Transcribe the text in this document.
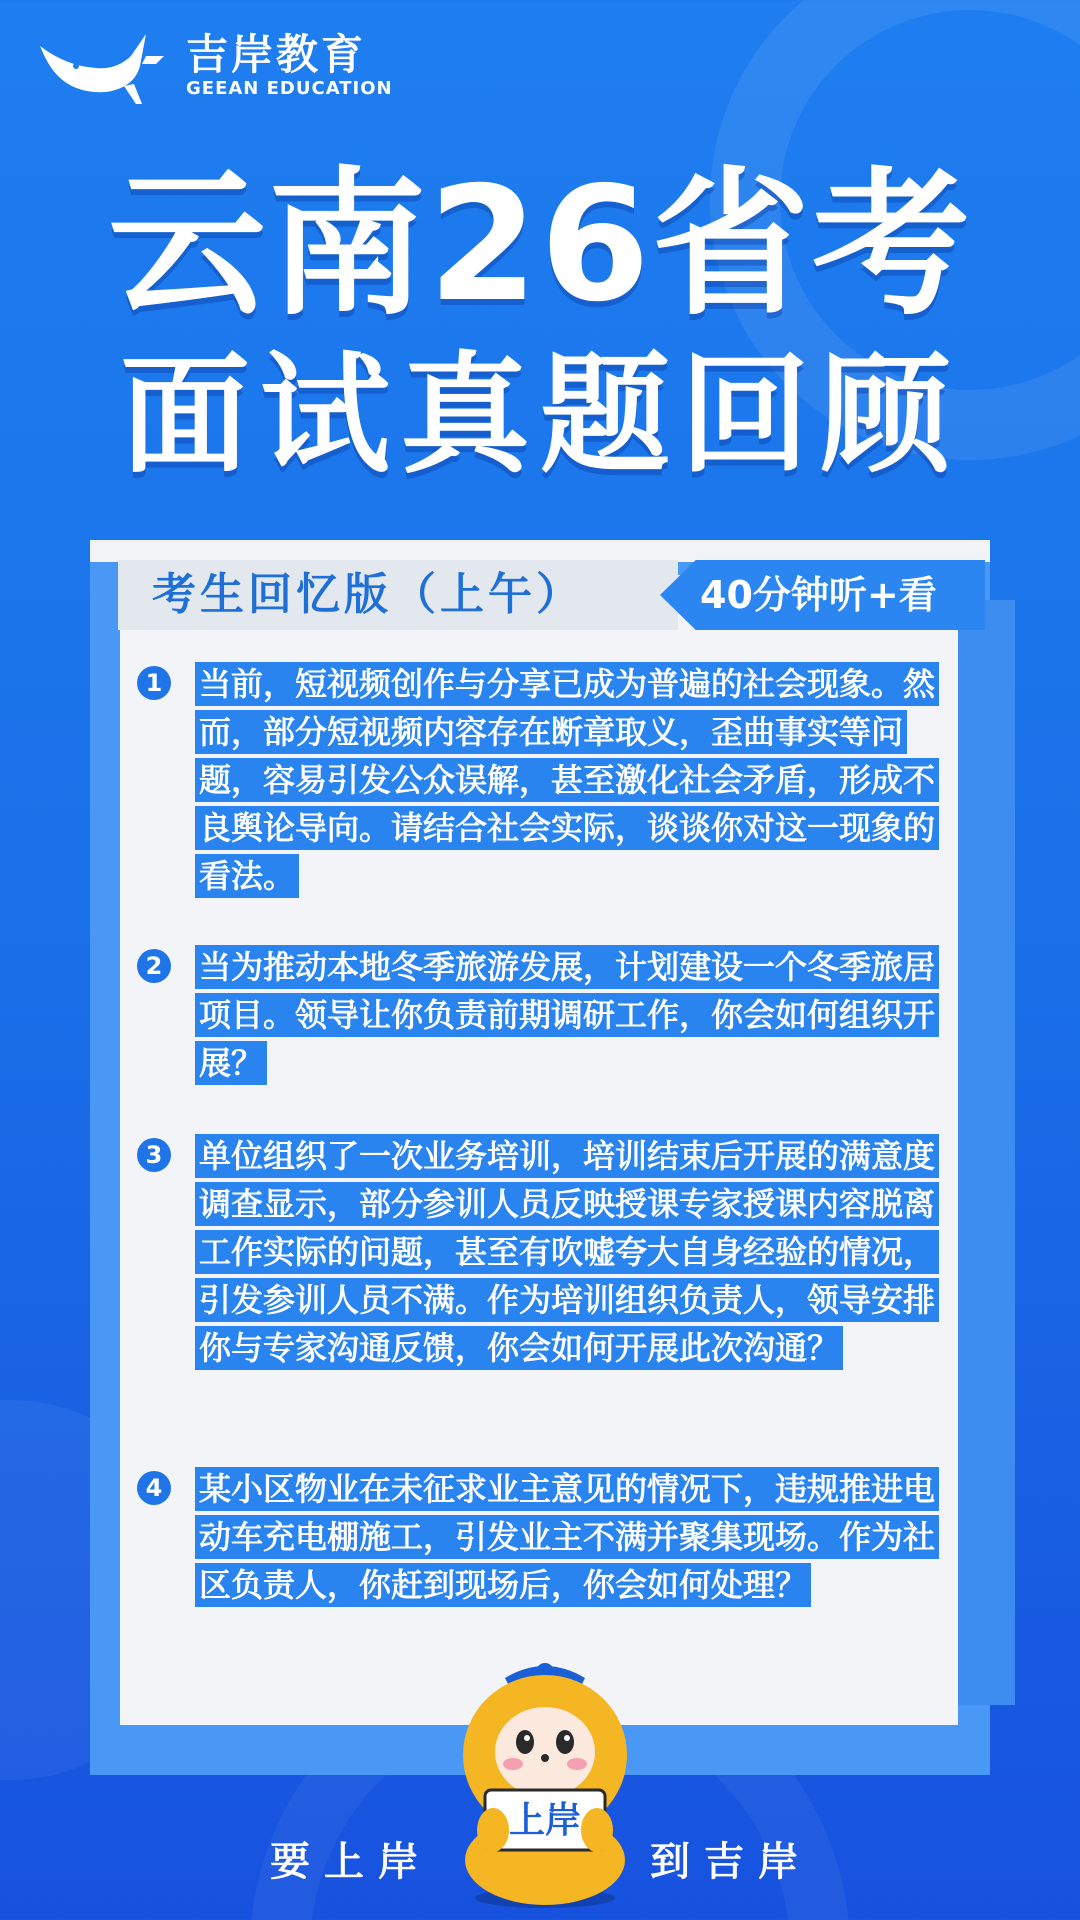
吉岸教育
GEEAN EDUCATION
云南26省考
面试真题回顾
考生回忆版（上午）	40分钟听+看
1 当前，短视频创作与分享已成为普遍的社会现象。然而，部分短视频内容存在断章取义，歪曲事实等问题，容易引发公众误解，甚至激化社会矛盾，形成不良舆论导向。请结合社会实际，谈谈你对这一现象的看法。
2 当为推动本地冬季旅游发展，计划建设一个冬季旅居项目。领导让你负责前期调研工作，你会如何组织开展？
3 单位组织了一次业务培训，培训结束后开展的满意度调查显示，部分参训人员反映授课专家授课内容脱离工作实际的问题，甚至有吹嘘夸大自身经验的情况，引发参训人员不满。作为培训组织负责人，领导安排你与专家沟通反馈，你会如何开展此次沟通？
4 某小区物业在未征求业主意见的情况下，违规推进电动车充电棚施工，引发业主不满并聚集现场。作为社区负责人，你赶到现场后，你会如何处理？
上岸
要上岸	到吉岸
